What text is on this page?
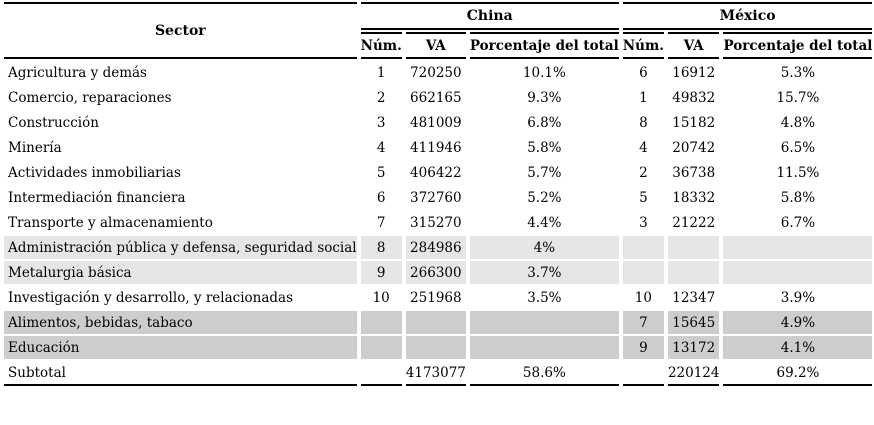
Sector	China			México		
	Núm.	VA	Porcentaje del total	Núm.	VA	Porcentaje del total
Agricultura y demás	1	720250	10.1%	6	16912	5.3%
Comercio, reparaciones	2	662165	9.3%	1	49832	15.7%
Construcción	3	481009	6.8%	8	15182	4.8%
Minería	4	411946	5.8%	4	20742	6.5%
Actividades inmobiliarias	5	406422	5.7%	2	36738	11.5%
Intermediación financiera	6	372760	5.2%	5	18332	5.8%
Transporte y almacenamiento	7	315270	4.4%	3	21222	6.7%
Administración pública y defensa, seguridad social	8	284986	4%			
Metalurgia básica	9	266300	3.7%			
Investigación y desarrollo, y relacionadas	10	251968	3.5%	10	12347	3.9%
Alimentos, bebidas, tabaco				7	15645	4.9%
Educación				9	13172	4.1%
Subtotal		4173077	58.6%		220124	69.2%
